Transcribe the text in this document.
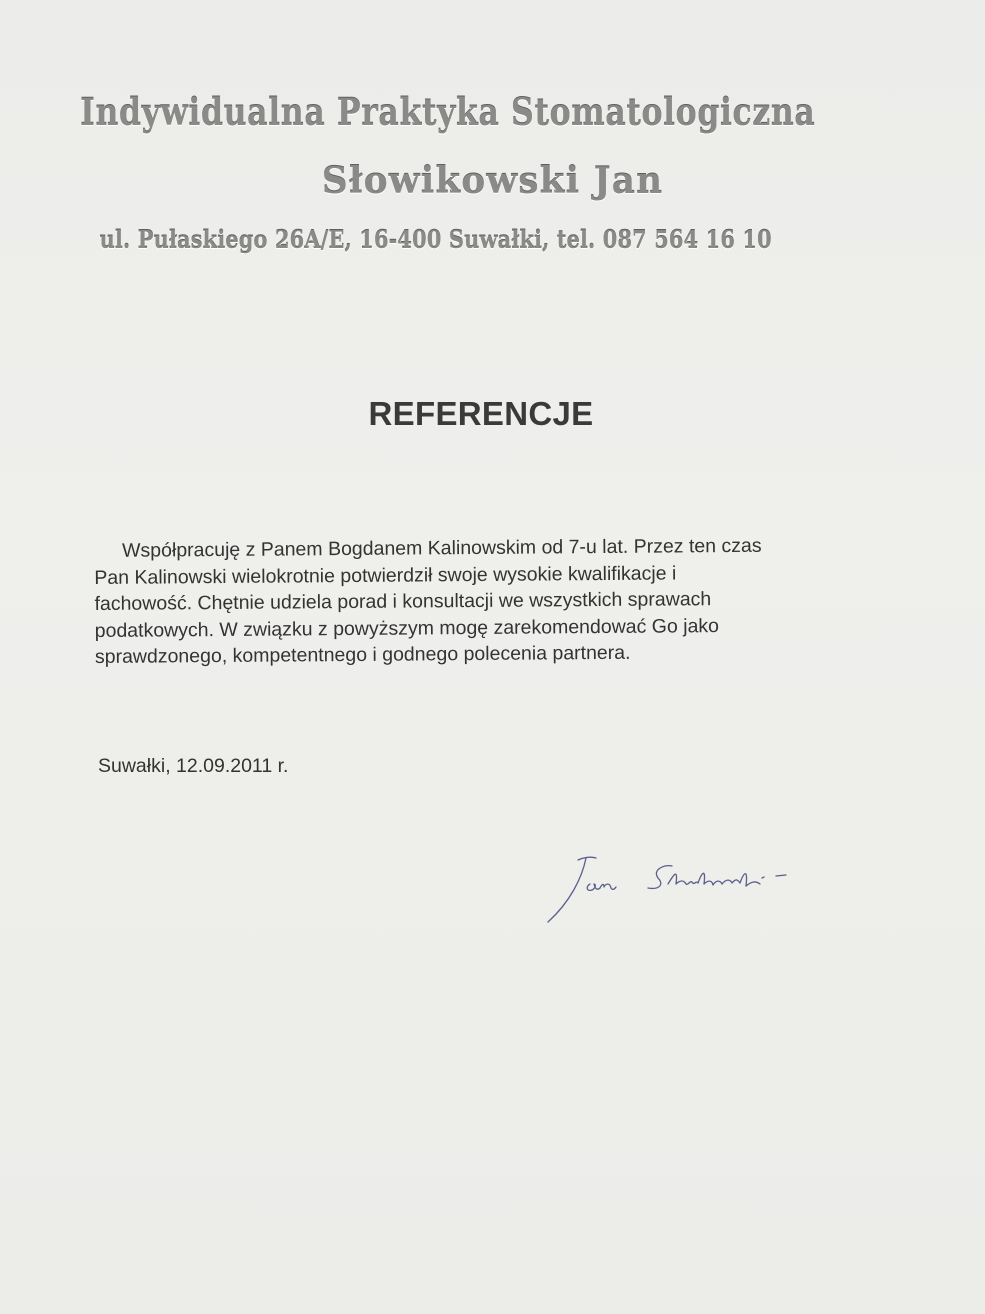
Indywidualna Praktyka Stomatologiczna
Słowikowski Jan
ul. Pułaskiego 26A/E, 16-400 Suwałki, tel. 087 564 16 10
REFERENCJE
Współpracuję z Panem Bogdanem Kalinowskim od 7-u lat. Przez ten czas
Pan Kalinowski wielokrotnie potwierdził swoje wysokie kwalifikacje i
fachowość. Chętnie udziela porad i konsultacji we wszystkich sprawach
podatkowych. W związku z powyższym mogę zarekomendować Go jako
sprawdzonego, kompetentnego i godnego polecenia partnera.
Suwałki, 12.09.2011 r.
